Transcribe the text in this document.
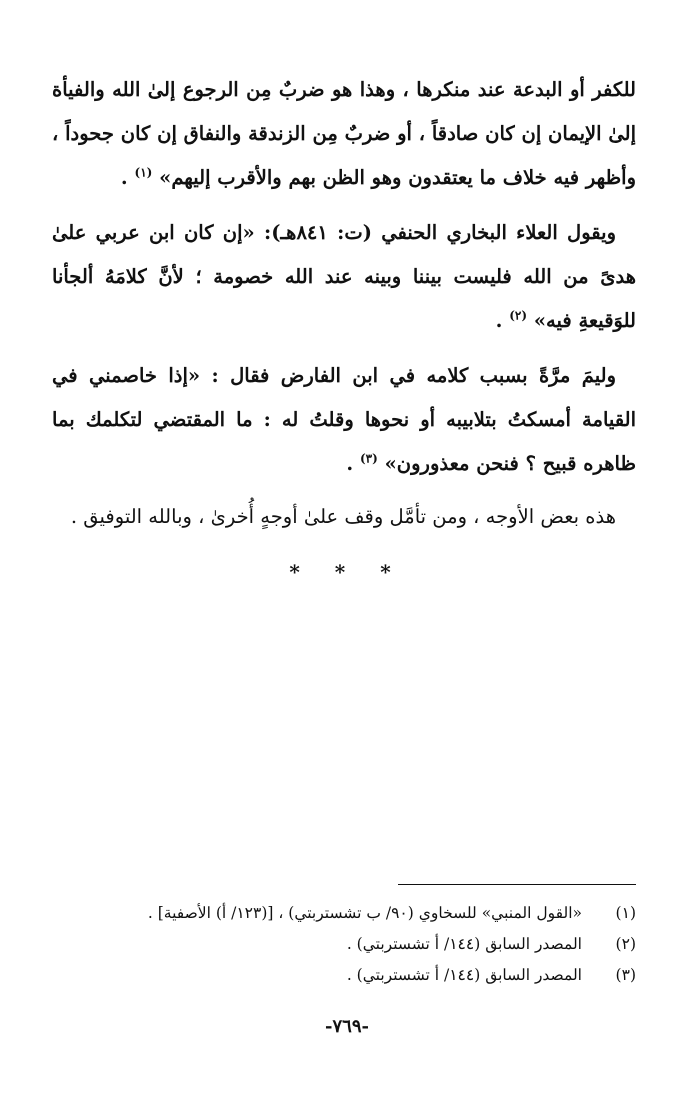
للكفر أو البدعة عند منكرها ، وهذا هو ضربٌ مِن الرجوع إلىٰ الله والفيأة إلىٰ الإيمان إن كان صادقاً ، أو ضربٌ مِن الزندقة والنفاق إن كان جحوداً ، وأظهر فيه خلاف ما يعتقدون وهو الظن بهم والأقرب إليهم» $^{(١)}$ .

ويقول العلاء البخاري الحنفي (ت: ٨٤١هـ): «إن كان ابن عربي علىٰ هدىً من الله فليست بيننا وبينه عند الله خصومة ؛ لأنَّ كلامَهُ ألجأنا للوَقيعةِ فيه» $^{(٢)}$ .

وليمَ مرَّةً بسبب كلامه في ابن الفارض فقال : «إذا خاصمني في القيامة أمسكتُ بتلابيبه أو نحوها وقلتُ له : ما المقتضي لتكلمك بما ظاهره قبيح ؟ فنحن معذورون» $^{(٣)}$ .

هذه بعض الأوجه ، ومن تأمَّل وقف علىٰ أوجهٍ أُخرىٰ ، وبالله التوفيق .

* * *
(١)
«القول المنبي» للسخاوي (٩٠/ ب تشستربتي) ، [(١٢٣/ أ) الأصفية] .
(٢)
المصدر السابق (١٤٤/ أ تشستربتي) .
(٣)
المصدر السابق (١٤٤/ أ تشستربتي) .
-٧٦٩-
